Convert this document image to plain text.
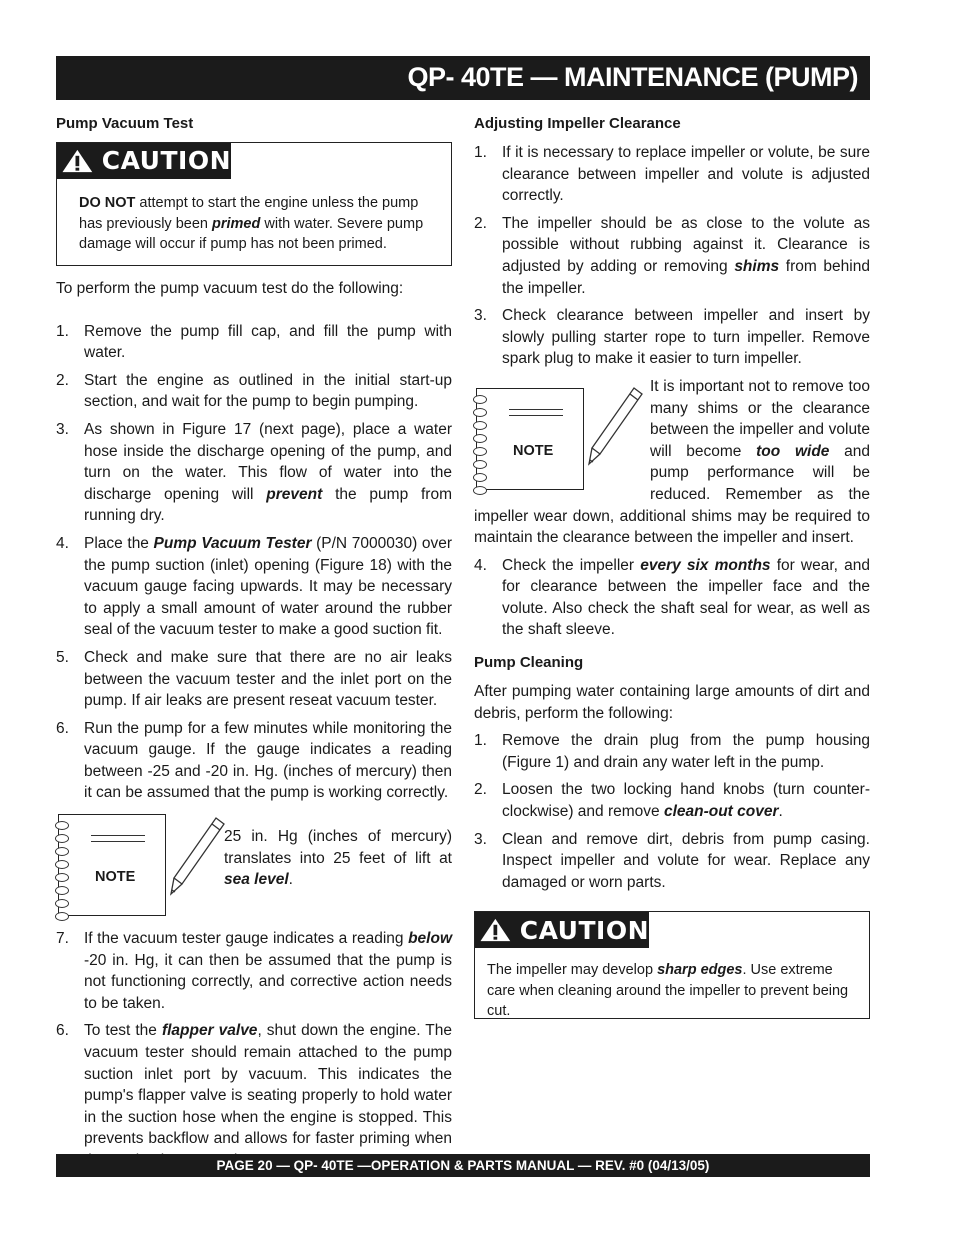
QP- 40TE — MAINTENANCE (PUMP)
Pump Vacuum Test
CAUTION
DO NOT attempt to start the engine unless the pump has previously been primed with water. Severe pump damage will occur if pump has not been primed.

To perform the pump vacuum test do the following:

1. Remove the pump fill cap, and fill the pump with water.
2. Start the engine as outlined in the initial start-up section, and wait for the pump to begin pumping.
3. As shown in Figure 17 (next page), place a water hose inside the discharge opening of the pump, and turn on the water. This flow of water into the discharge opening will prevent the pump from running dry.
4. Place the Pump Vacuum Tester (P/N 7000030) over the pump suction (inlet) opening (Figure 18) with the vacuum gauge facing upwards. It may be necessary to apply a small amount of water around the rubber seal of the vacuum tester to make a good suction fit.
5. Check and make sure that there are no air leaks between the vacuum tester and the inlet port on the pump. If air leaks are present reseat vacuum tester.
6. Run the pump for a few minutes while monitoring the vacuum gauge. If the gauge indicates a reading between -25 and -20 in. Hg. (inches of mercury) then it can be assumed that the pump is working correctly.
NOTE

25 in. Hg (inches of mercury) translates into 25 feet of lift at sea level.

7. If the vacuum tester gauge indicates a reading below -20 in. Hg, it can then be assumed that the pump is not functioning correctly, and corrective action needs to be taken.
6. To test the flapper valve, shut down the engine. The vacuum tester should remain attached to the pump suction inlet port by vacuum. This indicates the pump's flapper valve is seating properly to hold water in the suction hose when the engine is stopped. This prevents backflow and allows for faster priming when
Adjusting Impeller Clearance
1. If it is necessary to replace impeller or volute, be sure clearance between impeller and volute is adjusted correctly.
2. The impeller should be as close to the volute as possible without rubbing against it. Clearance is adjusted by adding or removing shims from behind the impeller.
3. Check clearance between impeller and insert by slowly pulling starter rope to turn impeller. Remove spark plug to make it easier to turn impeller.
NOTE

It is important not to remove too many shims or the clearance between the impeller and volute will become too wide and pump performance will be reduced. Remember as the impeller wear down, additional shims may be required to maintain the clearance between the impeller and insert.

4. Check the impeller every six months for wear, and for clearance between the impeller face and the volute. Also check the shaft seal for wear, as well as the shaft sleeve.
Pump Cleaning

After pumping water containing large amounts of dirt and debris, perform the following:

1. Remove the drain plug from the pump housing (Figure 1) and drain any water left in the pump.
2. Loosen the two locking hand knobs (turn counter-clockwise) and remove clean-out cover.
3. Clean and remove dirt, debris from pump casing. Inspect impeller and volute for wear. Replace any damaged or worn parts.
CAUTION
The impeller may develop sharp edges. Use extreme care when cleaning around the impeller to prevent being cut.
PAGE 20 — QP- 40TE —OPERATION & PARTS MANUAL — REV. #0 (04/13/05)
